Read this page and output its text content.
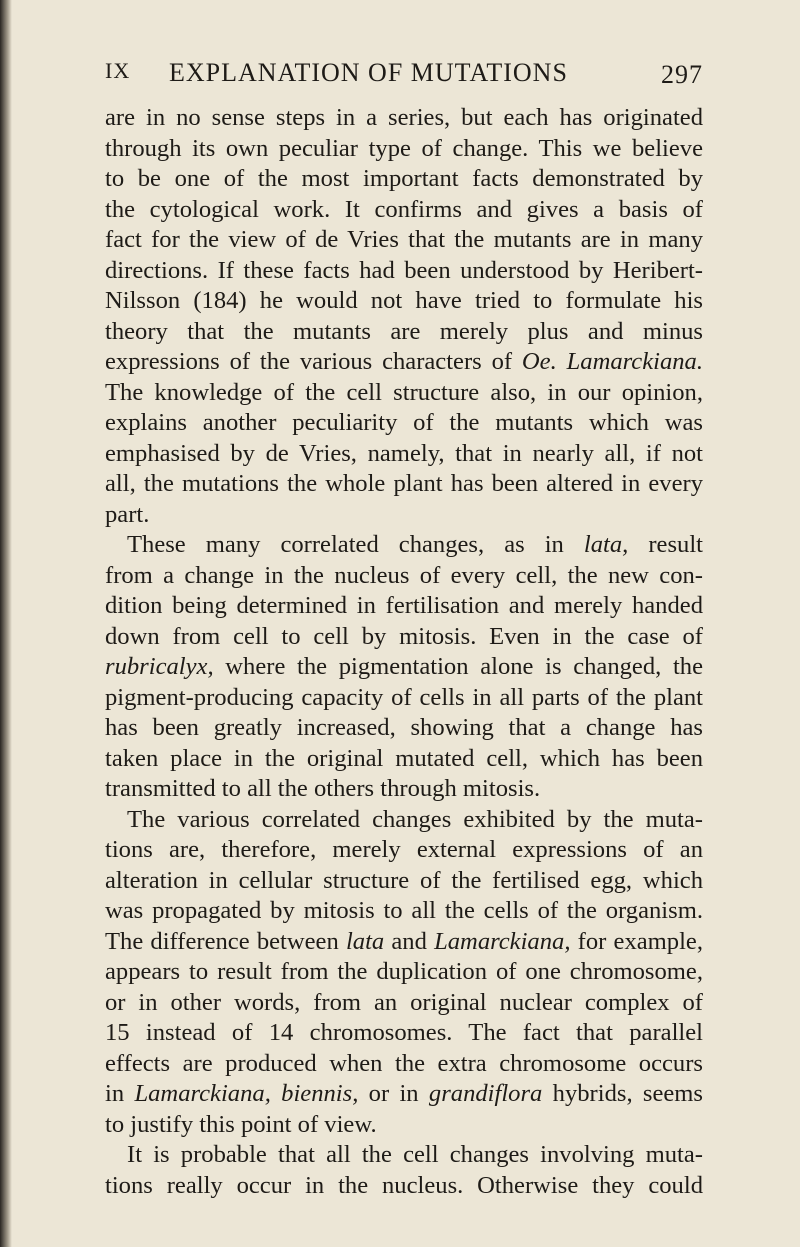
IX EXPLANATION OF MUTATIONS	297
are in no sense steps in a series, but each has originated
through its own peculiar type of change. This we believe
to be one of the most important facts demonstrated by
the cytological work. It confirms and gives a basis of
fact for the view of de Vries that the mutants are in many
directions. If these facts had been understood by Heribert-
Nilsson (184) he would not have tried to formulate his
theory that the mutants are merely plus and minus
expressions of the various characters of Oe. Lamarckiana.
The knowledge of the cell structure also, in our opinion,
explains another peculiarity of the mutants which was
emphasised by de Vries, namely, that in nearly all, if not
all, the mutations the whole plant has been altered in every
part.
These many correlated changes, as in lata, result
from a change in the nucleus of every cell, the new con-
dition being determined in fertilisation and merely handed
down from cell to cell by mitosis. Even in the case of
rubricalyx, where the pigmentation alone is changed, the
pigment-producing capacity of cells in all parts of the plant
has been greatly increased, showing that a change has
taken place in the original mutated cell, which has been
transmitted to all the others through mitosis.
The various correlated changes exhibited by the muta-
tions are, therefore, merely external expressions of an
alteration in cellular structure of the fertilised egg, which
was propagated by mitosis to all the cells of the organism.
The difference between lata and Lamarckiana, for example,
appears to result from the duplication of one chromosome,
or in other words, from an original nuclear complex of
15 instead of 14 chromosomes. The fact that parallel
effects are produced when the extra chromosome occurs
in Lamarckiana, biennis, or in grandiflora hybrids, seems
to justify this point of view.
It is probable that all the cell changes involving muta-
tions really occur in the nucleus. Otherwise they could
